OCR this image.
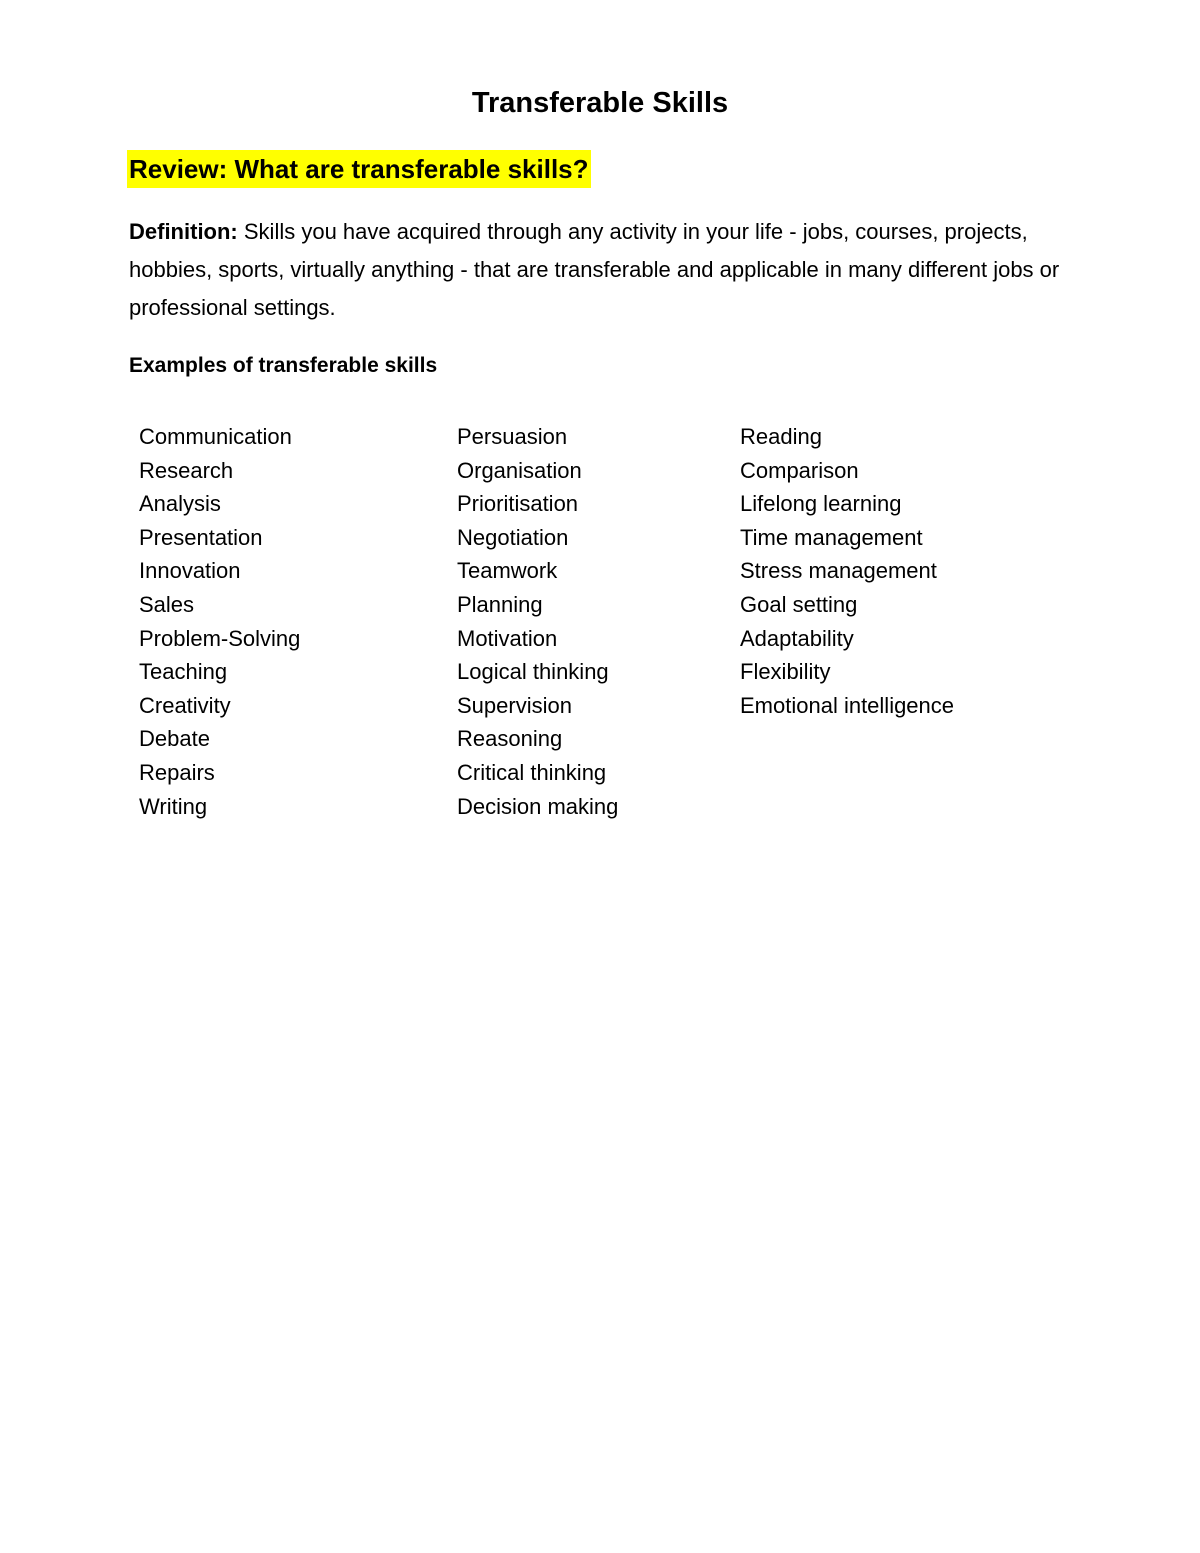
Transferable Skills
Review: What are transferable skills?
Definition: Skills you have acquired through any activity in your life - jobs, courses, projects, hobbies, sports, virtually anything - that are transferable and applicable in many different jobs or professional settings.
Examples of transferable skills
Communication
Research
Analysis
Presentation
Innovation
Sales
Problem-Solving
Teaching
Creativity
Debate
Repairs
Writing
Persuasion
Organisation
Prioritisation
Negotiation
Teamwork
Planning
Motivation
Logical thinking
Supervision
Reasoning
Critical thinking
Decision making
Reading
Comparison
Lifelong learning
Time management
Stress management
Goal setting
Adaptability
Flexibility
Emotional intelligence
